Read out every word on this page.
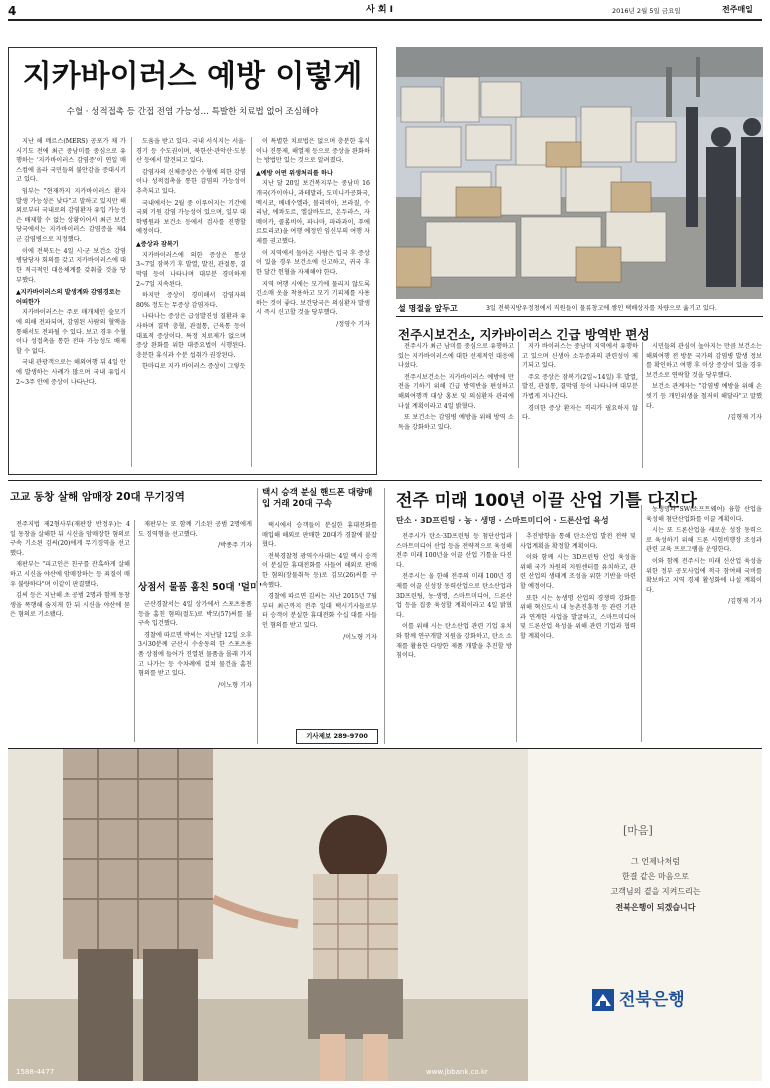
4	사 회 I	2016년 2월 5일 금요일	전주매일
지카바이러스 예방 이렇게
수혈 · 성적접촉 등 간접 전염 가능성… 특발한 치료법 없어 조심해야

지난 해 메르스(MERS) 공포가 채 가시기도 전에 최근 중남미를 중심으로 유행하는 '지카바이러스 감염증'이 연일 매스컴에 올라 국민들의 불안감을 증대시키고 있다.

임부는 "현재까지 지카바이러스 환자 발생 가능성은 낮다"고 말하고 있지만 해외로부터 국내로의 감염환자 유입 가능성은 배제할 수 없는 상황이어서 최근 보건당국에서는 지카바이러스 감염증을 제4군 감염병으로 지정했다.

이에 전북도는 4일 시·군 보건소 감염병담당자 회의를 갖고 지카바이러스에 대한 적극적인 대응체계를 갖춰줄 것을 당부했다.

▲지카바이러스의 발생계와 감염경로는 어떠한가

지카바이러스는 주로 매개체인 숲모기에 의해 전파되며, 감염된 사람의 혈액을 통해서도 전파될 수 있다. 보고 경우 수혈이나 성접촉을 통한 전파 가능성도 배제할 수 없다.

국내 관광객으로는 해외여행 뒤 4일 안에 발생하는 사례가 많으며 국내 유입시 2~3주 안에 증상이 나타난다.

도움을 받고 있다. 국내 서식지는 서울·경기 등 수도권이며, 북한산·관악산·도봉산 등에서 발견되고 있다.

감염자의 신체증상은 수혈에 의한 감염이나 성적접촉을 통한 감염의 가능성이 추측되고 있다.

국내에서는 2월 중 이루어지는 기간에 국외 기원 감염 가능성이 있으며, 일부 대학병원과 보건소 등에서 검사를 진행할 예정이다.

▲증상과 잠복기

지카바이러스에 의한 증상은 통상 3~7일 잠복기 후 발열, 발진, 관절통, 결막염 등이 나타나며 대부분 경미하게 2~7일 지속된다.

하지만 증상이 경미해서 감염자의 80% 정도는 무증상 감염자다.

나타나는 증상은 급성발진성 질환과 유사하며 결막 충혈, 관절통, 근육통 등이 대표적 증상이다. 특정 치료제가 없으며 증상 완화를 위한 대증요법이 시행된다. 충분한 휴식과 수분 섭취가 권장된다.

한마디로 지카 바이러스 증상이 그렇듯

이 특별한 치료법은 없으며 충분한 휴식이나 진통제, 해열제 등으로 증상을 완화하는 방법만 있는 것으로 알려졌다.

▲예방 어떤 위생처리를 하나

지난 달 20일 보건복지부는 중남미 16개국(가이아나, 과테말라, 도미니카공화국, 멕시코, 베네수엘라, 볼리비아, 브라질, 수리남, 에콰도르, 엘살바도르, 온두라스, 자메이카, 콜롬비아, 파나마, 파라과이, 푸에르토리코)을 여행 예정인 임신부의 여행 자제를 권고했다.

이 지역에서 돌아온 사람은 입국 후 증상이 있을 경우 보건소에 신고하고, 귀국 후 한 달간 헌혈을 자제해야 한다.

지역 여행 시에는 모기에 물리지 않도록 긴소매 옷을 착용하고 모기 기피제를 사용하는 것이 좋다. 보건당국은 의심환자 발생 시 즉시 신고할 것을 당부했다.

/정영수 기자

설 명절을 앞두고	3일 전북지방우정청에서 직원들이 물류창고에 쌓인 택배상자를 차량으로 옮기고 있다.
전주시보건소, 지카바이러스 긴급 방역반 편성

전주시가 최근 남미를 중심으로 유행하고 있는 지카바이러스에 대한 선제적인 대응에 나섰다.

전주시보건소는 지카바이러스 예방에 만전을 기하기 위해 긴급 방역반을 편성하고 해외여행객 대상 홍보 및 의심환자 관리에 나설 계획이라고 4일 밝혔다.

또 보건소는 감염병 예방을 위해 방역 소독을 강화하고 있다.

지카 바이러스는 중남미 지역에서 유행하고 있으며 신생아 소두증과의 관련성이 제기되고 있다.

주요 증상은 잠복기(2일~14일) 후 발열, 발진, 관절통, 결막염 등이 나타나며 대부분 가볍게 지나간다.

경미한 증상 환자는 격리가 필요하지 않다.

시민들의 관심이 높아지는 만큼 보건소는 해외여행 전 방문 국가의 감염병 발생 정보를 확인하고 여행 후 이상 증상이 있을 경우 보건소로 연락할 것을 당부했다.

보건소 관계자는 "감염병 예방을 위해 손씻기 등 개인위생을 철저히 해달라"고 말했다.

/김형재 기자

고교 동창 살해 암매장 20대 무기징역

전주지법 제2형사부(재판장 반정우)는 4일 동창을 살해한 뒤 시신을 암매장한 혐의로 구속 기소된 김씨(20)에게 무기징역을 선고했다.

재판부는 "피고인은 친구를 잔혹하게 살해하고 시신을 야산에 암매장하는 등 죄질이 매우 불량하다"며 이같이 판결했다.

김씨 등은 지난해 초 공범 2명과 함께 동창생을 폭행해 숨지게 한 뒤 시신을 야산에 묻은 혐의로 기소됐다.

재판부는 또 함께 기소된 공범 2명에게도 징역형을 선고했다.

/박종주 기자

상점서 물품 훔친 50대 '덜미'

군산경찰서는 4일 상가에서 스포츠용품 등을 훔친 혐의(절도)로 박모(57)씨를 불구속 입건했다.

경찰에 따르면 박씨는 지난달 12일 오후 3시30분께 군산시 수송동의 한 스포츠용품 상점에 들어가 진열된 물품을 몰래 가지고 나가는 등 수차례에 걸쳐 물건을 훔친 혐의를 받고 있다.

/이노형 기자

택시 승객 분실 핸드폰 대량매입 거래 20대 구속

택시에서 승객들이 분실한 휴대전화를 매입해 해외로 판매한 20대가 경찰에 붙잡혔다.

전북경찰청 광역수사대는 4일 택시 승객이 분실한 휴대전화를 사들여 해외로 판매한 혐의(장물취득 등)로 김모(26)씨를 구속했다.

경찰에 따르면 김씨는 지난 2015년 7월부터 최근까지 전주 일대 택시기사들로부터 승객이 분실한 휴대전화 수십 대를 사들인 혐의를 받고 있다.

/이노형 기자

기사제보 289-9700
전주 미래 100년 이끌 산업 기틀 다진다
탄소 · 3D프린팅 · 농 · 생명 · 스마트미디어 · 드론산업 육성

전주시가 탄소·3D프린팅 등 첨단산업과 스마트미디어 산업 등을 전략적으로 육성해 전주 미래 100년을 이끌 산업 기틀을 다진다.

전주시는 올 한해 전주의 미래 100년 경제를 이끌 신성장 동력산업으로 탄소산업과 3D프린팅, 농·생명, 스마트미디어, 드론산업 등을 집중 육성할 계획이라고 4일 밝혔다.

이를 위해 시는 탄소산업 관련 기업 유치와 함께 연구개발 지원을 강화하고, 탄소 소재를 활용한 다양한 제품 개발을 추진할 방침이다.

추진방향을 통해 탄소산업 발전 전략 및 사업계획을 확정할 계획이다.

이와 함께 시는 3D프린팅 산업 육성을 위해 국가 차원의 지원센터를 유치하고, 관련 산업의 생태계 조성을 위한 기반을 마련할 예정이다.

또한 시는 농생명 산업의 경쟁력 강화를 위해 혁신도시 내 농촌진흥청 등 관련 기관과 연계한 사업을 발굴하고, 스마트미디어 및 드론산업 육성을 위해 관련 기업과 협력할 계획이다.

농생명과 SW(소프트웨어) 융합 산업을 육성해 첨단산업화를 이끌 계획이다.

시는 또 드론산업을 새로운 성장 동력으로 육성하기 위해 드론 시험비행장 조성과 관련 교육 프로그램을 운영한다.

이와 함께 전주시는 미래 신산업 육성을 위한 정부 공모사업에 적극 참여해 국비를 확보하고 지역 경제 활성화에 나설 계획이다.

/김형재 기자

[마음]
그 언제나처럼
한결 같은 마음으로
고객님의 곁을 지켜드리는
전북은행이 되겠습니다
전북은행
1588-4477	www.jbbank.co.kr
